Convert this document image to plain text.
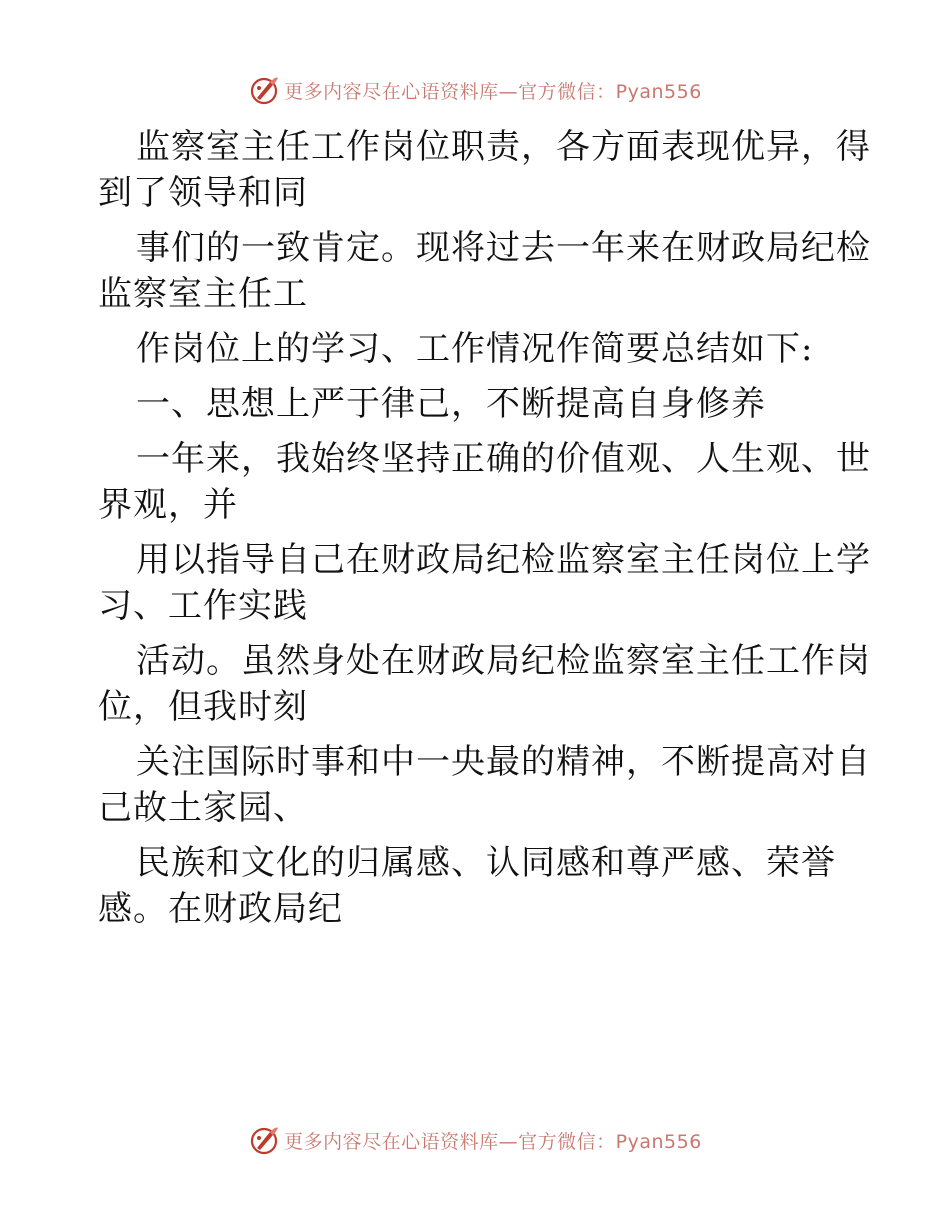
更多内容尽在心语资料库—官方微信：Pyan556
监察室主任工作岗位职责，各方面表现优异，得
到了领导和同
事们的一致肯定。现将过去一年来在财政局纪检
监察室主任工
作岗位上的学习、工作情况作简要总结如下:
一、思想上严于律己，不断提高自身修养
一年来，我始终坚持正确的价值观、人生观、世
界观，并
用以指导自己在财政局纪检监察室主任岗位上学
习、工作实践
活动。虽然身处在财政局纪检监察室主任工作岗
位，但我时刻
关注国际时事和中一央最的精神，不断提高对自
己故土家园、
民族和文化的归属感、认同感和尊严感、荣誉
感。在财政局纪
更多内容尽在心语资料库—官方微信：Pyan556
